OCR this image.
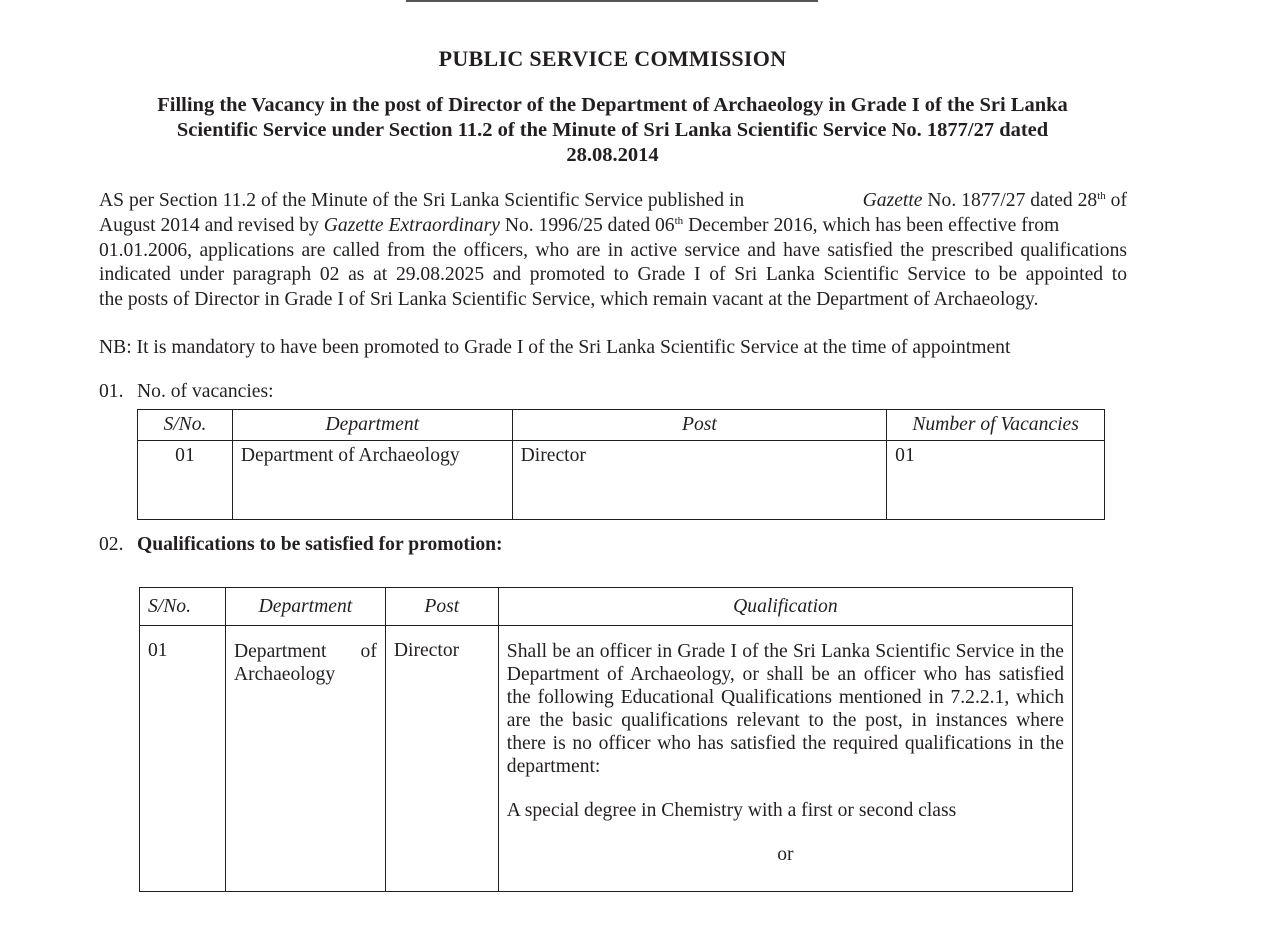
PUBLIC SERVICE COMMISSION
Filling the Vacancy in the post of Director of the Department of Archaeology in Grade I of the Sri Lanka
Scientific Service under Section 11.2 of the Minute of Sri Lanka Scientific Service No. 1877/27 dated
28.08.2014
AS per Section 11.2 of the Minute of the Sri Lanka Scientific Service published in	Gazette No. 1877/27 dated 28th of
August 2014 and revised by Gazette Extraordinary No. 1996/25 dated 06th December 2016, which has been effective from
01.01.2006, applications are called from the officers, who are in active service and have satisfied the prescribed qualifications
indicated under paragraph 02 as at 29.08.2025 and promoted to Grade I of Sri Lanka Scientific Service to be appointed to
the posts of Director in Grade I of Sri Lanka Scientific Service, which remain vacant at the Department of Archaeology.
NB: It is mandatory to have been promoted to Grade I of the Sri Lanka Scientific Service at the time of appointment
01. No. of vacancies:
S/No.	Department	Post	Number of Vacancies
01	Department of Archaeology	Director	01
02. Qualifications to be satisfied for promotion:
S/No.	Department	Post	Qualification
01	Department of Archaeology	Director	Shall be an officer in Grade I of the Sri Lanka Scientific Service in the Department of Archaeology, or shall be an officer who has satisfied the following Educational Qualifications mentioned in 7.2.2.1, which are the basic qualifications relevant to the post, in instances where there is no officer who has satisfied the required qualifications in the department:

A special degree in Chemistry with a first or second class

or
